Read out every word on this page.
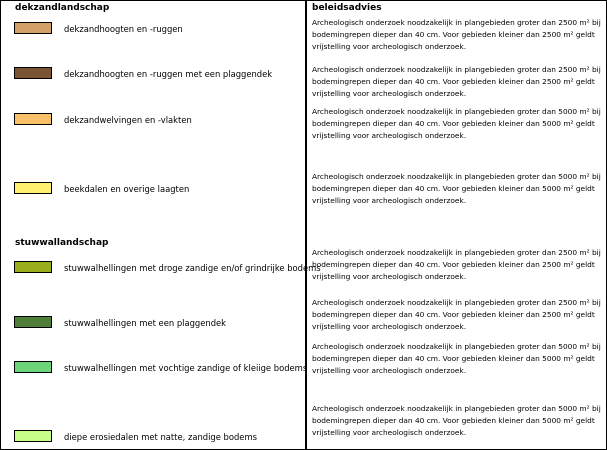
dekzandlandschap	beleidsadvies
stuwwallandschap
dekzandhoogten en -ruggen
Archeologisch onderzoek noodzakelijk in plangebieden groter dan 2500 m² bij bodemingrepen dieper dan 40 cm. Voor gebieden kleiner dan 2500 m² geldt vrijstelling voor archeologisch onderzoek.
dekzandhoogten en -ruggen met een plaggendek	Archeologisch onderzoek noodzakelijk in plangebieden groter dan 2500 m² bij bodemingrepen dieper dan 40 cm. Voor gebieden kleiner dan 2500 m² geldt vrijstelling voor archeologisch onderzoek.
dekzandwelvingen en -vlakten
Archeologisch onderzoek noodzakelijk in plangebieden groter dan 5000 m² bij bodemingrepen dieper dan 40 cm. Voor gebieden kleiner dan 5000 m² geldt vrijstelling voor archeologisch onderzoek.
beekdalen en overige laagten
Archeologisch onderzoek noodzakelijk in plangebieden groter dan 5000 m² bij bodemingrepen dieper dan 40 cm. Voor gebieden kleiner dan 5000 m² geldt vrijstelling voor archeologisch onderzoek.
stuwwalhellingen met droge zandige en/of grindrijke bodems
Archeologisch onderzoek noodzakelijk in plangebieden groter dan 2500 m² bij bodemingrepen dieper dan 40 cm. Voor gebieden kleiner dan 2500 m² geldt vrijstelling voor archeologisch onderzoek.
stuwwalhellingen met een plaggendek
Archeologisch onderzoek noodzakelijk in plangebieden groter dan 2500 m² bij bodemingrepen dieper dan 40 cm. Voor gebieden kleiner dan 2500 m² geldt vrijstelling voor archeologisch onderzoek.
stuwwalhellingen met vochtige zandige of kleiige bodems
Archeologisch onderzoek noodzakelijk in plangebieden groter dan 5000 m² bij bodemingrepen dieper dan 40 cm. Voor gebieden kleiner dan 5000 m² geldt vrijstelling voor archeologisch onderzoek.
diepe erosiedalen met natte, zandige bodems
Archeologisch onderzoek noodzakelijk in plangebieden groter dan 5000 m² bij bodemingrepen dieper dan 40 cm. Voor gebieden kleiner dan 5000 m² geldt vrijstelling voor archeologisch onderzoek.
